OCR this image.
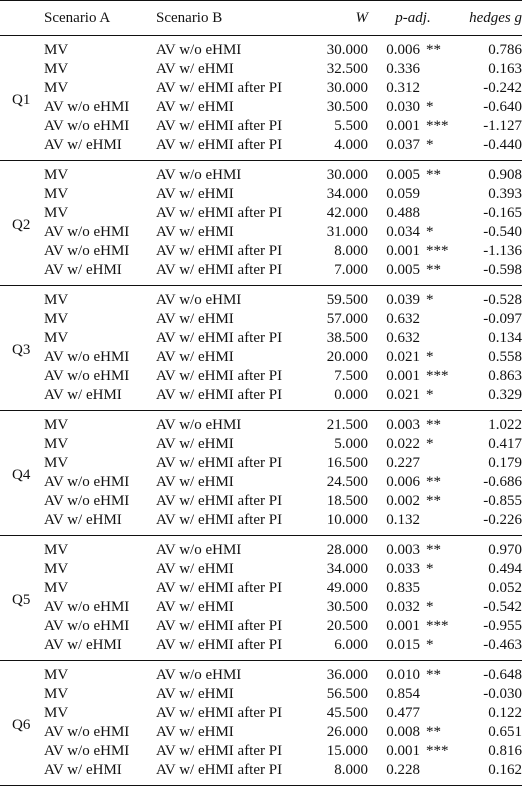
	Scenario A	Scenario B	W	p-adj.		hedges g
Q1	MV	AV w/o eHMI	30.000	0.006	**	0.786
	MV	AV w/ eHMI	32.500	0.336		0.163
	MV	AV w/ eHMI after PI	30.000	0.312		-0.242
	AV w/o eHMI	AV w/ eHMI	30.500	0.030	*	-0.640
	AV w/o eHMI	AV w/ eHMI after PI	5.500	0.001	***	-1.127
	AV w/ eHMI	AV w/ eHMI after PI	4.000	0.037	*	-0.440
Q2	MV	AV w/o eHMI	30.000	0.005	**	0.908
	MV	AV w/ eHMI	34.000	0.059		0.393
	MV	AV w/ eHMI after PI	42.000	0.488		-0.165
	AV w/o eHMI	AV w/ eHMI	31.000	0.034	*	-0.540
	AV w/o eHMI	AV w/ eHMI after PI	8.000	0.001	***	-1.136
	AV w/ eHMI	AV w/ eHMI after PI	7.000	0.005	**	-0.598
Q3	MV	AV w/o eHMI	59.500	0.039	*	-0.528
	MV	AV w/ eHMI	57.000	0.632		-0.097
	MV	AV w/ eHMI after PI	38.500	0.632		0.134
	AV w/o eHMI	AV w/ eHMI	20.000	0.021	*	0.558
	AV w/o eHMI	AV w/ eHMI after PI	7.500	0.001	***	0.863
	AV w/ eHMI	AV w/ eHMI after PI	0.000	0.021	*	0.329
Q4	MV	AV w/o eHMI	21.500	0.003	**	1.022
	MV	AV w/ eHMI	5.000	0.022	*	0.417
	MV	AV w/ eHMI after PI	16.500	0.227		0.179
	AV w/o eHMI	AV w/ eHMI	24.500	0.006	**	-0.686
	AV w/o eHMI	AV w/ eHMI after PI	18.500	0.002	**	-0.855
	AV w/ eHMI	AV w/ eHMI after PI	10.000	0.132		-0.226
Q5	MV	AV w/o eHMI	28.000	0.003	**	0.970
	MV	AV w/ eHMI	34.000	0.033	*	0.494
	MV	AV w/ eHMI after PI	49.000	0.835		0.052
	AV w/o eHMI	AV w/ eHMI	30.500	0.032	*	-0.542
	AV w/o eHMI	AV w/ eHMI after PI	20.500	0.001	***	-0.955
	AV w/ eHMI	AV w/ eHMI after PI	6.000	0.015	*	-0.463
Q6	MV	AV w/o eHMI	36.000	0.010	**	-0.648
	MV	AV w/ eHMI	56.500	0.854		-0.030
	MV	AV w/ eHMI after PI	45.500	0.477		0.122
	AV w/o eHMI	AV w/ eHMI	26.000	0.008	**	0.651
	AV w/o eHMI	AV w/ eHMI after PI	15.000	0.001	***	0.816
	AV w/ eHMI	AV w/ eHMI after PI	8.000	0.228		0.162
